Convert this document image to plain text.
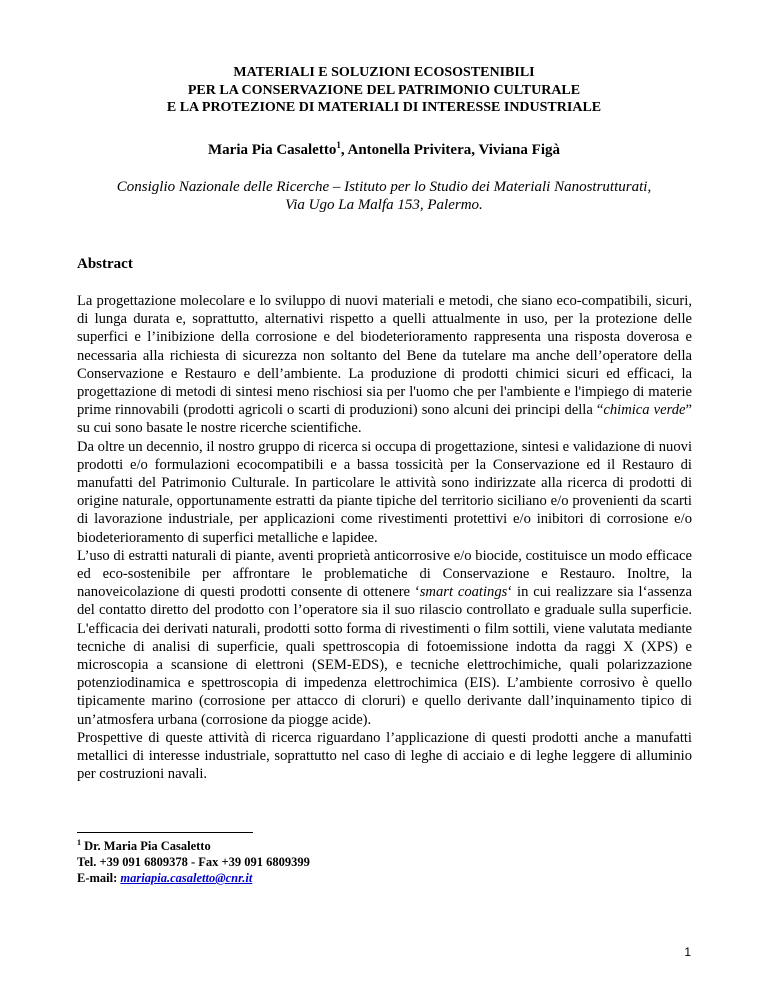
MATERIALI E SOLUZIONI ECOSOSTENIBILI
PER LA CONSERVAZIONE DEL PATRIMONIO CULTURALE
E LA PROTEZIONE DI MATERIALI DI INTERESSE INDUSTRIALE
Maria Pia Casaletto$^1$, Antonella Privitera, Viviana Figà
Consiglio Nazionale delle Ricerche – Istituto per lo Studio dei Materiali Nanostrutturati,
Via Ugo La Malfa 153, Palermo.
Abstract

La progettazione molecolare e lo sviluppo di nuovi materiali e metodi, che siano eco-compatibili, sicuri, di lunga durata e, soprattutto, alternativi rispetto a quelli attualmente in uso, per la protezione delle superfici e l’inibizione della corrosione e del biodeterioramento rappresenta una risposta doverosa e necessaria alla richiesta di sicurezza non soltanto del Bene da tutelare ma anche dell’operatore della Conservazione e Restauro e dell’ambiente. La produzione di prodotti chimici sicuri ed efficaci, la progettazione di metodi di sintesi meno rischiosi sia per l'uomo che per l'ambiente e l'impiego di materie prime rinnovabili (prodotti agricoli o scarti di produzioni) sono alcuni dei principi della “chimica verde” su cui sono basate le nostre ricerche scientifiche.

Da oltre un decennio, il nostro gruppo di ricerca si occupa di progettazione, sintesi e validazione di nuovi prodotti e/o formulazioni ecocompatibili e a bassa tossicità per la Conservazione ed il Restauro di manufatti del Patrimonio Culturale. In particolare le attività sono indirizzate alla ricerca di prodotti di origine naturale, opportunamente estratti da piante tipiche del territorio siciliano e/o provenienti da scarti di lavorazione industriale, per applicazioni come rivestimenti protettivi e/o inibitori di corrosione e/o biodeterioramento di superfici metalliche e lapidee.

L’uso di estratti naturali di piante, aventi proprietà anticorrosive e/o biocide, costituisce un modo efficace ed eco-sostenibile per affrontare le problematiche di Conservazione e Restauro. Inoltre, la nanoveicolazione di questi prodotti consente di ottenere ‘smart coatings‘ in cui realizzare sia l‘assenza del contatto diretto del prodotto con l’operatore sia il suo rilascio controllato e graduale sulla superficie. L'efficacia dei derivati naturali, prodotti sotto forma di rivestimenti o film sottili, viene valutata mediante tecniche di analisi di superficie, quali spettroscopia di fotoemissione indotta da raggi X (XPS) e microscopia a scansione di elettroni (SEM-EDS), e tecniche elettrochimiche, quali polarizzazione potenziodinamica e spettroscopia di impedenza elettrochimica (EIS). L’ambiente corrosivo è quello tipicamente marino (corrosione per attacco di cloruri) e quello derivante dall’inquinamento tipico di un’atmosfera urbana (corrosione da piogge acide).

Prospettive di queste attività di ricerca riguardano l’applicazione di questi prodotti anche a manufatti metallici di interesse industriale, soprattutto nel caso di leghe di acciaio e di leghe leggere di alluminio per costruzioni navali.

$^1$ Dr. Maria Pia Casaletto
Tel. +39 091 6809378 - Fax +39 091 6809399
E-mail: mariapia.casaletto@cnr.it
1
